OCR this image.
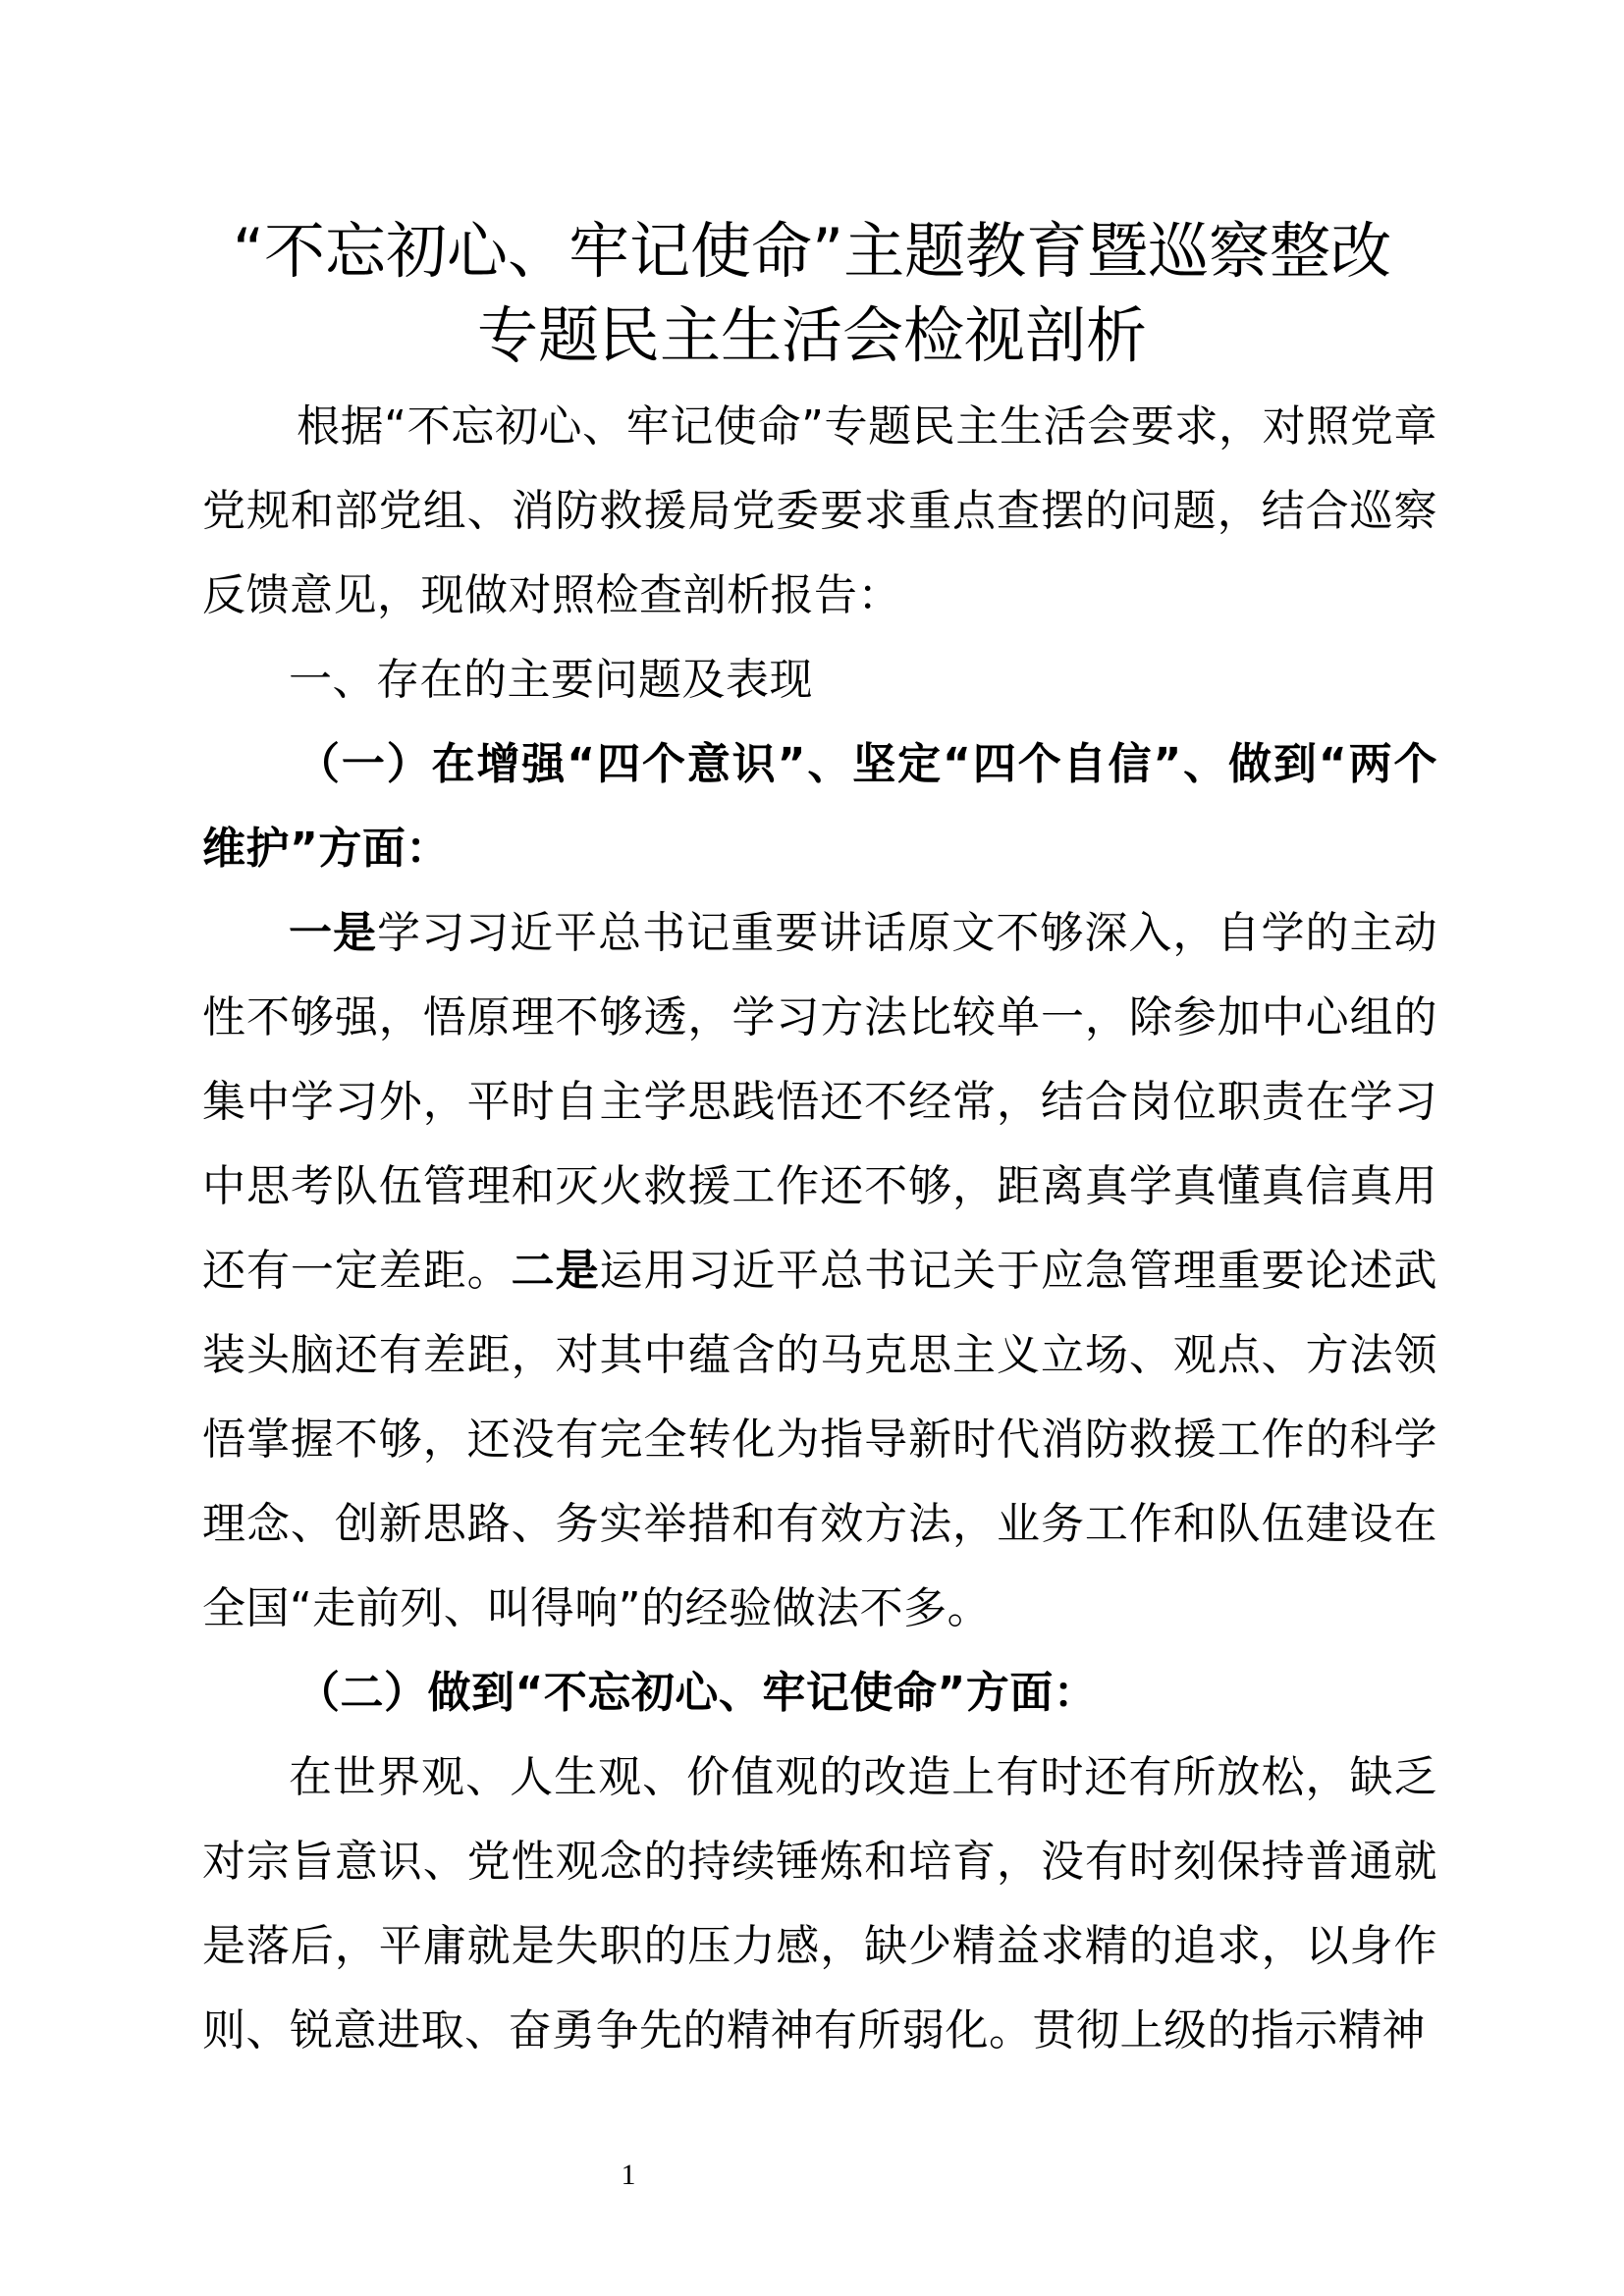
“不忘初心、牢记使命”主题教育暨巡察整改
专题民主生活会检视剖析
根据“不忘初心、牢记使命”专题民主生活会要求，对照党章党规和部党组、消防救援局党委要求重点查摆的问题，结合巡察反馈意见，现做对照检查剖析报告：
一、存在的主要问题及表现
（一）在增强“四个意识”、坚定“四个自信”、做到“两个维护”方面：
一是学习习近平总书记重要讲话原文不够深入，自学的主动性不够强，悟原理不够透，学习方法比较单一，除参加中心组的集中学习外，平时自主学思践悟还不经常，结合岗位职责在学习中思考队伍管理和灭火救援工作还不够，距离真学真懂真信真用还有一定差距。二是运用习近平总书记关于应急管理重要论述武装头脑还有差距，对其中蕴含的马克思主义立场、观点、方法领悟掌握不够，还没有完全转化为指导新时代消防救援工作的科学理念、创新思路、务实举措和有效方法，业务工作和队伍建设在全国“走前列、叫得响”的经验做法不多。
（二）做到“不忘初心、牢记使命”方面：
在世界观、人生观、价值观的改造上有时还有所放松，缺乏对宗旨意识、党性观念的持续锤炼和培育，没有时刻保持普通就是落后，平庸就是失职的压力感，缺少精益求精的追求，以身作则、锐意进取、奋勇争先的精神有所弱化。贯彻上级的指示精神
1
